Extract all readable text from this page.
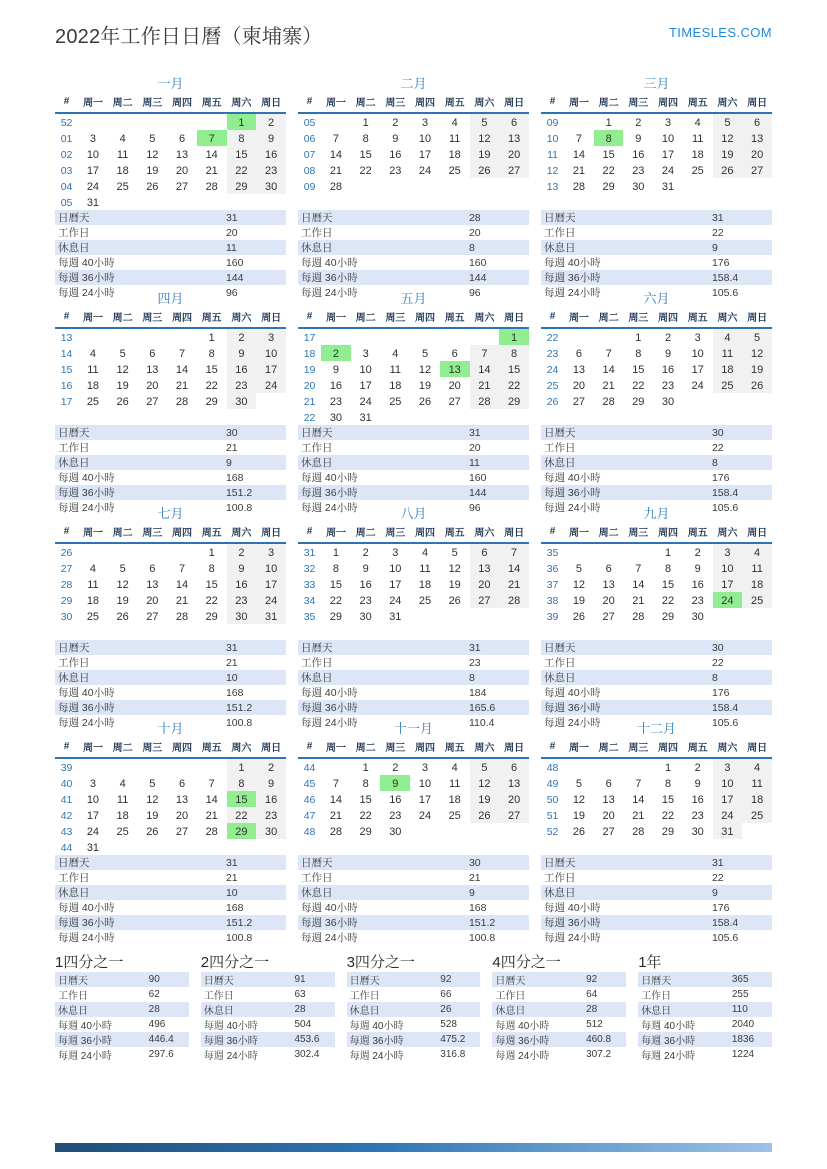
2022年工作日日曆（柬埔寨）	TIMESLES.COM
一月
#	周一	周二	周三	周四	周五	周六	周日
52						1	2
01	3	4	5	6	7	8	9
02	10	11	12	13	14	15	16
03	17	18	19	20	21	22	23
04	24	25	26	27	28	29	30
05	31						
日曆天	31
工作日	20
休息日	11
每週 40小時	160
每週 36小時	144
每週 24小時	96
二月
#	周一	周二	周三	周四	周五	周六	周日
05		1	2	3	4	5	6
06	7	8	9	10	11	12	13
07	14	15	16	17	18	19	20
08	21	22	23	24	25	26	27
09	28						
日曆天	28
工作日	20
休息日	8
每週 40小時	160
每週 36小時	144
每週 24小時	96
三月
#	周一	周二	周三	周四	周五	周六	周日
09		1	2	3	4	5	6
10	7	8	9	10	11	12	13
11	14	15	16	17	18	19	20
12	21	22	23	24	25	26	27
13	28	29	30	31			
日曆天	31
工作日	22
休息日	9
每週 40小時	176
每週 36小時	158.4
每週 24小時	105.6
四月
#	周一	周二	周三	周四	周五	周六	周日
13					1	2	3
14	4	5	6	7	8	9	10
15	11	12	13	14	15	16	17
16	18	19	20	21	22	23	24
17	25	26	27	28	29	30	
日曆天	30
工作日	21
休息日	9
每週 40小時	168
每週 36小時	151.2
每週 24小時	100.8
五月
#	周一	周二	周三	周四	周五	周六	周日
17							1
18	2	3	4	5	6	7	8
19	9	10	11	12	13	14	15
20	16	17	18	19	20	21	22
21	23	24	25	26	27	28	29
22	30	31					
日曆天	31
工作日	20
休息日	11
每週 40小時	160
每週 36小時	144
每週 24小時	96
六月
#	周一	周二	周三	周四	周五	周六	周日
22			1	2	3	4	5
23	6	7	8	9	10	11	12
24	13	14	15	16	17	18	19
25	20	21	22	23	24	25	26
26	27	28	29	30			
日曆天	30
工作日	22
休息日	8
每週 40小時	176
每週 36小時	158.4
每週 24小時	105.6
七月
#	周一	周二	周三	周四	周五	周六	周日
26					1	2	3
27	4	5	6	7	8	9	10
28	11	12	13	14	15	16	17
29	18	19	20	21	22	23	24
30	25	26	27	28	29	30	31
日曆天	31
工作日	21
休息日	10
每週 40小時	168
每週 36小時	151.2
每週 24小時	100.8
八月
#	周一	周二	周三	周四	周五	周六	周日
31	1	2	3	4	5	6	7
32	8	9	10	11	12	13	14
33	15	16	17	18	19	20	21
34	22	23	24	25	26	27	28
35	29	30	31				
日曆天	31
工作日	23
休息日	8
每週 40小時	184
每週 36小時	165.6
每週 24小時	110.4
九月
#	周一	周二	周三	周四	周五	周六	周日
35				1	2	3	4
36	5	6	7	8	9	10	11
37	12	13	14	15	16	17	18
38	19	20	21	22	23	24	25
39	26	27	28	29	30		
日曆天	30
工作日	22
休息日	8
每週 40小時	176
每週 36小時	158.4
每週 24小時	105.6
十月
#	周一	周二	周三	周四	周五	周六	周日
39						1	2
40	3	4	5	6	7	8	9
41	10	11	12	13	14	15	16
42	17	18	19	20	21	22	23
43	24	25	26	27	28	29	30
44	31						
日曆天	31
工作日	21
休息日	10
每週 40小時	168
每週 36小時	151.2
每週 24小時	100.8
十一月
#	周一	周二	周三	周四	周五	周六	周日
44		1	2	3	4	5	6
45	7	8	9	10	11	12	13
46	14	15	16	17	18	19	20
47	21	22	23	24	25	26	27
48	28	29	30				
日曆天	30
工作日	21
休息日	9
每週 40小時	168
每週 36小時	151.2
每週 24小時	100.8
十二月
#	周一	周二	周三	周四	周五	周六	周日
48				1	2	3	4
49	5	6	7	8	9	10	11
50	12	13	14	15	16	17	18
51	19	20	21	22	23	24	25
52	26	27	28	29	30	31	
日曆天	31
工作日	22
休息日	9
每週 40小時	176
每週 36小時	158.4
每週 24小時	105.6
1四分之一
日曆天	90
工作日	62
休息日	28
每週 40小時	496
每週 36小時	446.4
每週 24小時	297.6
2四分之一
日曆天	91
工作日	63
休息日	28
每週 40小時	504
每週 36小時	453.6
每週 24小時	302.4
3四分之一
日曆天	92
工作日	66
休息日	26
每週 40小時	528
每週 36小時	475.2
每週 24小時	316.8
4四分之一
日曆天	92
工作日	64
休息日	28
每週 40小時	512
每週 36小時	460.8
每週 24小時	307.2
1年
日曆天	365
工作日	255
休息日	110
每週 40小時	2040
每週 36小時	1836
每週 24小時	1224
